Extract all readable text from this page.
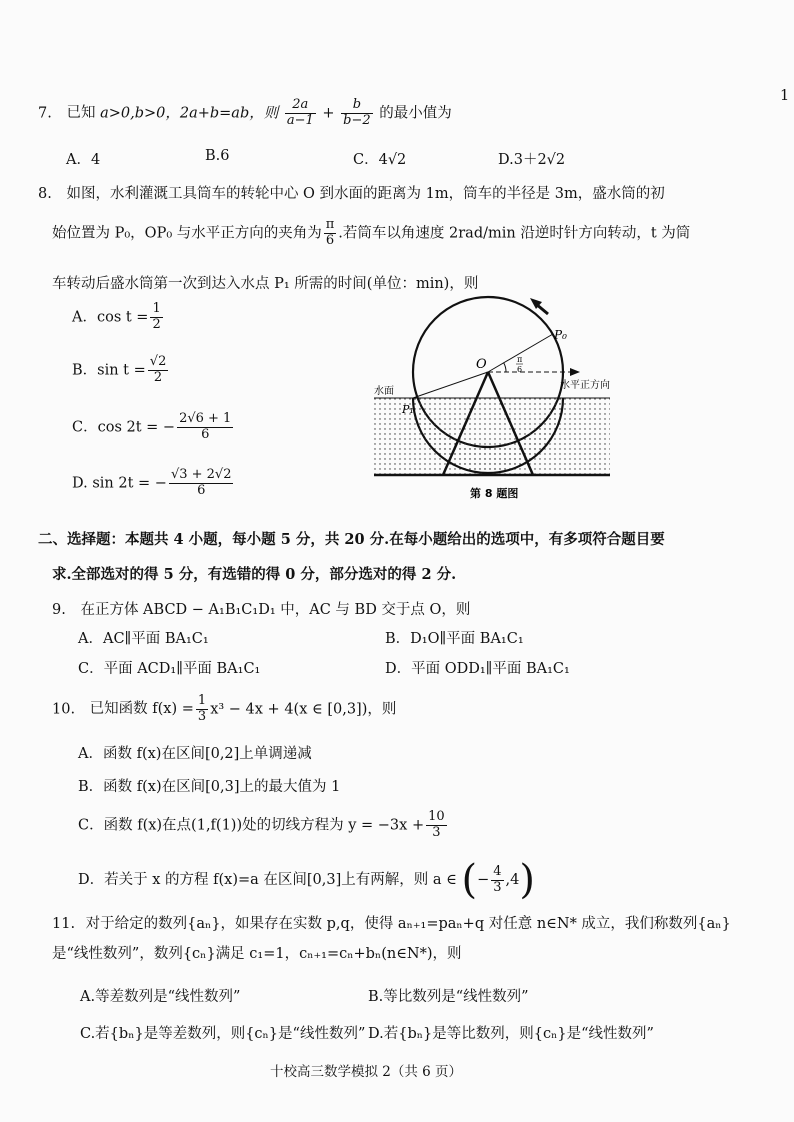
1
7. 已知 a>0,b>0，2a+b=ab，则 $\frac{2a}{a-1} + \frac{b}{b-2}$ 的最小值为
A．4	B.6	C．4√2	D.3＋2√2
8. 如图，水利灌溉工具筒车的转轮中心 O 到水面的距离为 1m，筒车的半径是 3m，盛水筒的初
始位置为 P₀，OP₀ 与水平正方向的夹角为 $\frac{\pi}{6}$ .若筒车以角速度 2rad/min 沿逆时针方向转动，t 为筒
车转动后盛水筒第一次到达入水点 P₁ 所需的时间(单位：min)，则
A．$\cos t = \frac{1}{2}$
B．$\sin t = \frac{√2}{2}$
C．cos 2t = − $\frac{2√6 + 1}{6}$
D. sin 2t = − $\frac{√3 + 2√2}{6}$
O
P₀
P₁
水面
水平正方向
π
6
第 8 题图
二、选择题：本题共 4 小题，每小题 5 分，共 20 分.在每小题给出的选项中，有多项符合题目要
求.全部选对的得 5 分，有选错的得 0 分，部分选对的得 2 分.
9. 在正方体 ABCD − A₁B₁C₁D₁ 中，AC 与 BD 交于点 O，则
A．AC∥平面 BA₁C₁	B．D₁O∥平面 BA₁C₁
C．平面 ACD₁∥平面 BA₁C₁	D．平面 ODD₁∥平面 BA₁C₁
10. 已知函数 $f(x) = \frac{1}{3} x^3 - 4x + 4(x$ ∈ [0,3])，则
A．函数 f(x)在区间[0,2]上单调递减
B．函数 f(x)在区间[0,3]上的最大值为 1
C．函数 f(x)在点(1,f(1))处的切线方程为 $y = -3x + \frac{10}{3}$
D．若关于 x 的方程 f(x)=a 在区间[0,3]上有两解，则 a ∈ (− $\frac{4}{3} ,4$)
11. 对于给定的数列{aₙ}，如果存在实数 p,q，使得 aₙ₊₁=paₙ+q 对任意 n∈N* 成立，我们称数列{aₙ}
是“线性数列”，数列{cₙ}满足 c₁=1，cₙ₊₁=cₙ+bₙ(n∈N*)，则
A.等差数列是“线性数列”	B.等比数列是“线性数列”
C.若{bₙ}是等差数列，则{cₙ}是“线性数列” D.若{bₙ}是等比数列，则{cₙ}是“线性数列”
十校高三数学模拟 2（共 6 页）
